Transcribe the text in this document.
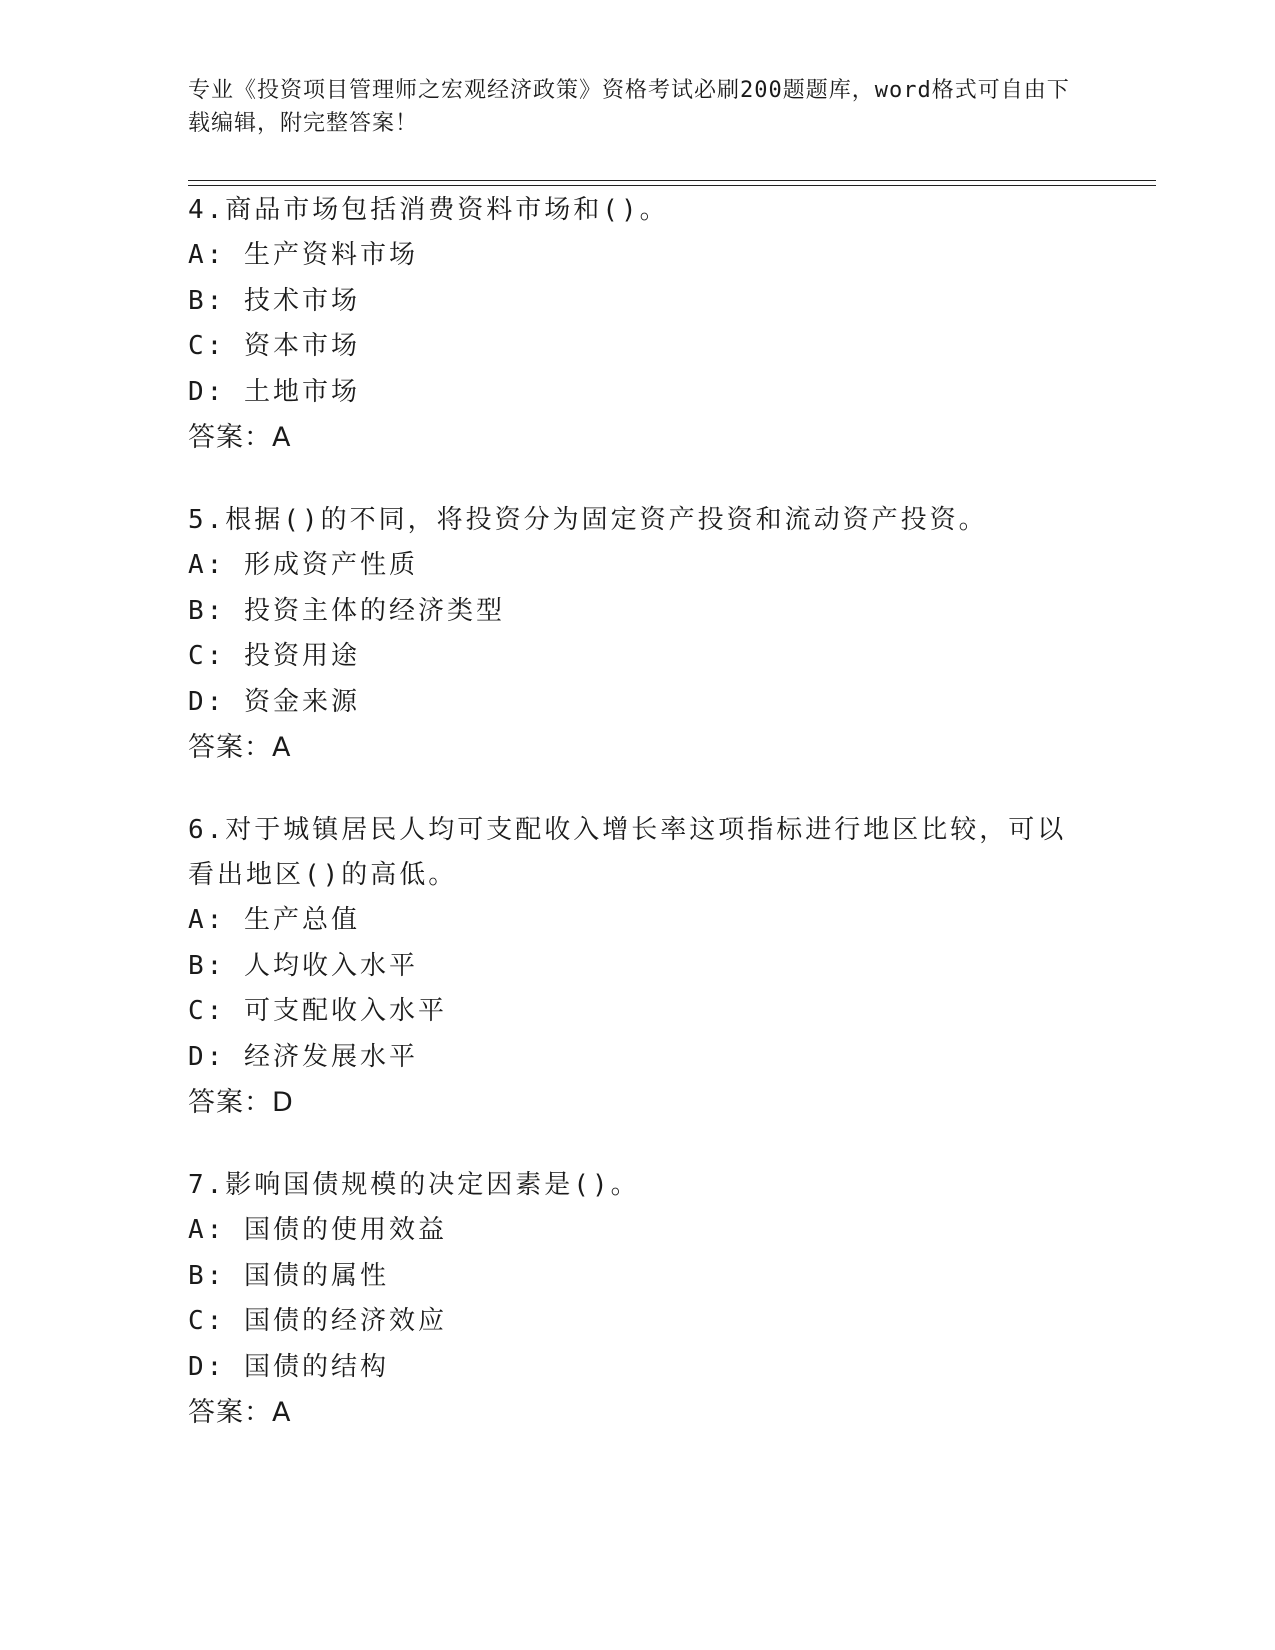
专业《投资项目管理师之宏观经济政策》资格考试必刷200题题库，word格式可自由下载编辑，附完整答案！
4.商品市场包括消费资料市场和()。
A: 生产资料市场
B: 技术市场
C: 资本市场
D: 土地市场
答案：A
5.根据()的不同，将投资分为固定资产投资和流动资产投资。
A: 形成资产性质
B: 投资主体的经济类型
C: 投资用途
D: 资金来源
答案：A
6.对于城镇居民人均可支配收入增长率这项指标进行地区比较，可以看出地区()的高低。
A: 生产总值
B: 人均收入水平
C: 可支配收入水平
D: 经济发展水平
答案：D
7.影响国债规模的决定因素是()。
A: 国债的使用效益
B: 国债的属性
C: 国债的经济效应
D: 国债的结构
答案：A
